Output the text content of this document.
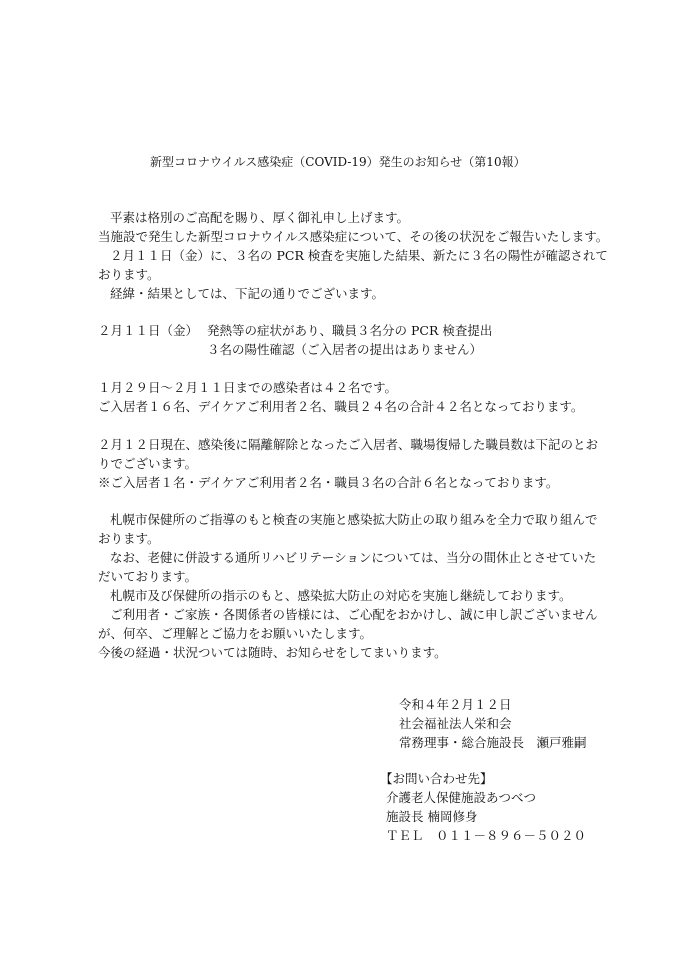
新型コロナウイルス感染症（COVID-19）発生のお知らせ（第10報）
平素は格別のご高配を賜り、厚く御礼申し上げます。
当施設で発生した新型コロナウイルス感染症について、その後の状況をご報告いたします。
２月１１日（金）に、３名の PCR 検査を実施した結果、新たに３名の陽性が確認されて
おります。
経緯・結果としては、下記の通りでございます。
２月１１日（金） 発熱等の症状があり、職員３名分の PCR 検査提出
３名の陽性確認（ご入居者の提出はありません）
１月２９日～２月１１日までの感染者は４２名です。
ご入居者１６名、デイケアご利用者２名、職員２４名の合計４２名となっております。
２月１２日現在、感染後に隔離解除となったご入居者、職場復帰した職員数は下記のとお
りでございます。
※ご入居者１名・デイケアご利用者２名・職員３名の合計６名となっております。
札幌市保健所のご指導のもと検査の実施と感染拡大防止の取り組みを全力で取り組んで
おります。
なお、老健に併設する通所リハビリテーションについては、当分の間休止とさせていた
だいております。
札幌市及び保健所の指示のもと、感染拡大防止の対応を実施し継続しております。
ご利用者・ご家族・各関係者の皆様には、ご心配をおかけし、誠に申し訳ございません
が、何卒、ご理解とご協力をお願いいたします。
今後の経過・状況ついては随時、お知らせをしてまいります。
令和４年２月１２日
社会福祉法人栄和会
常務理事・総合施設長　瀬戸雅嗣
【お問い合わせ先】
介護老人保健施設あつべつ
施設長 楠岡修身
ＴＥＬ　０１１－８９６－５０２０
